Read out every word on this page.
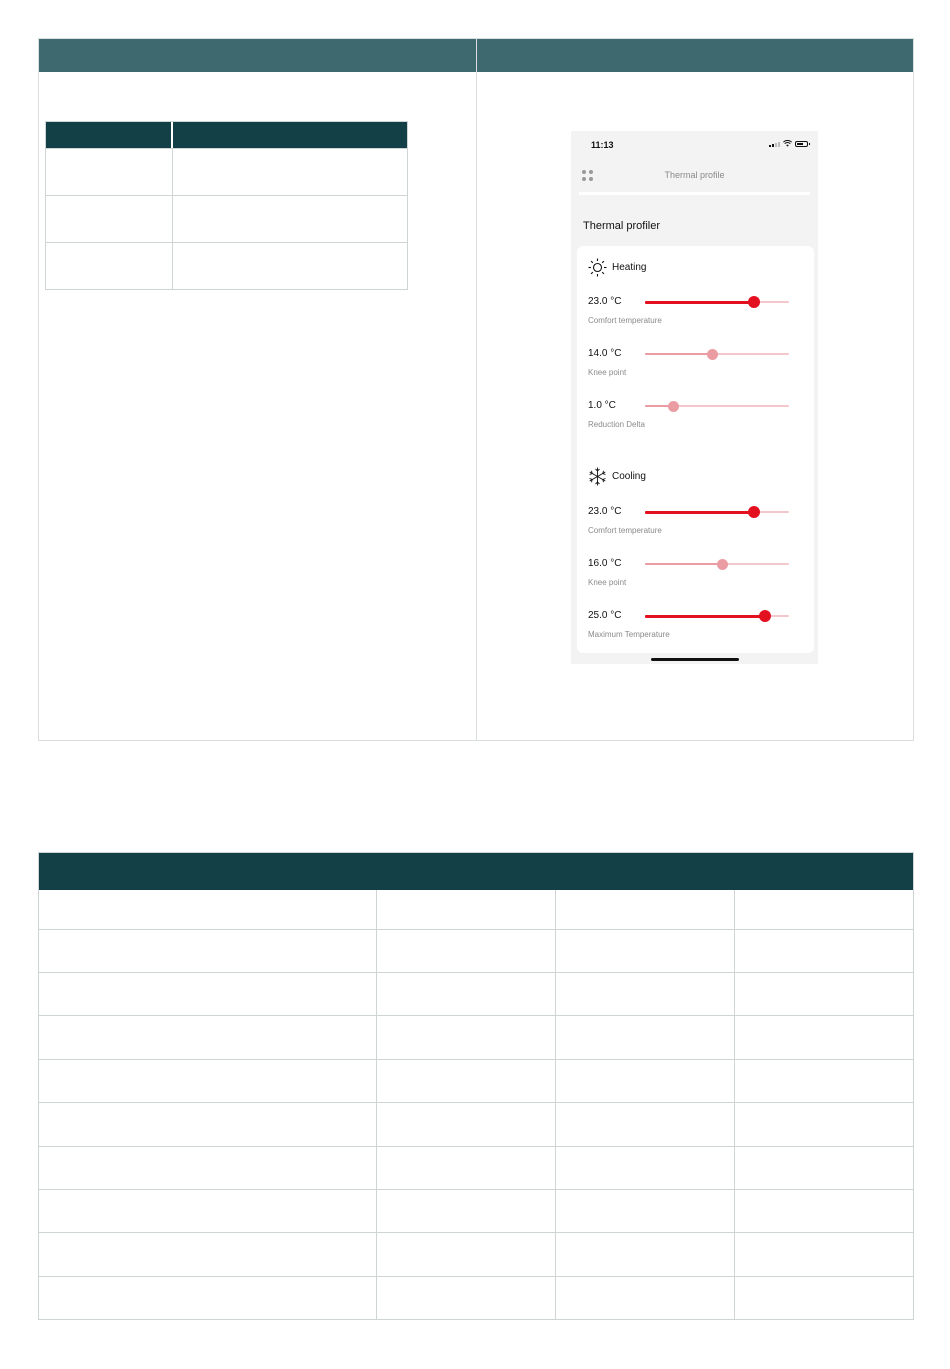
11:13
Thermal profile
Thermal profiler
Heating
23.0 °C
Comfort temperature
14.0 °C
Knee point
1.0 °C
Reduction Delta
Cooling
23.0 °C
Comfort temperature
16.0 °C
Knee point
25.0 °C
Maximum Temperature
